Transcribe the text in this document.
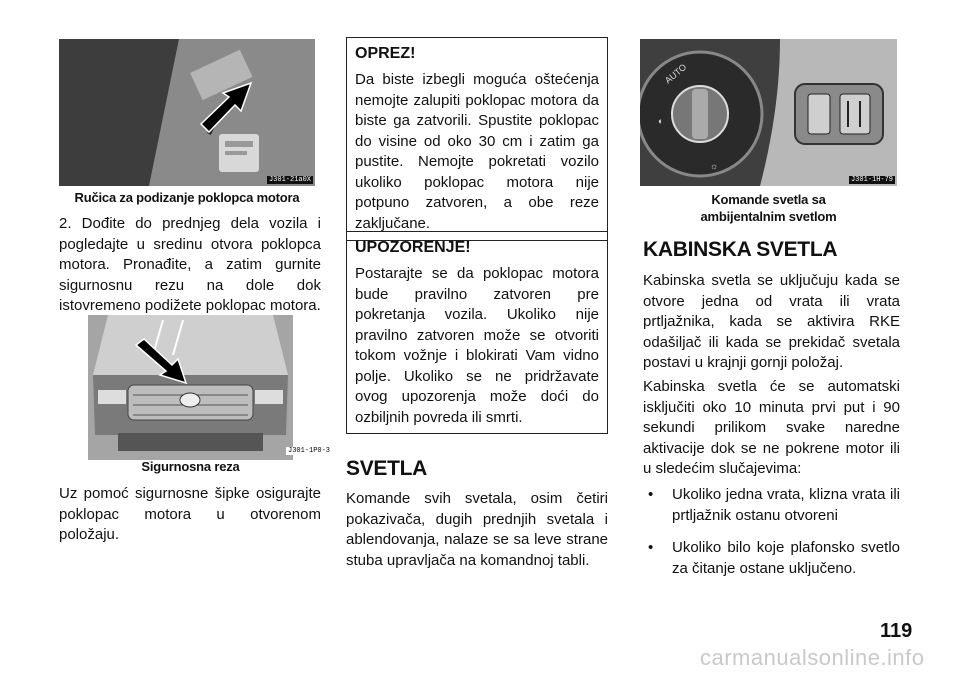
J301-21a0X
Ručica za podizanje poklopca motora

2. Dođite do prednjeg dela vozila i pogledajte u sredinu otvora poklopca motora. Pronađite, a zatim gurnite sigurnosnu rezu na dole dok istovremeno podižete poklopac motora.

J301-1P0-3
Sigurnosna reza

Uz pomoć sigurnosne šipke osigurajte poklopac motora u otvorenom položaju.

OPREZ!

Da biste izbegli moguća oštećenja nemojte zalupiti poklopac motora da biste ga zatvorili. Spustite poklopac do visine od oko 30 cm i zatim ga pustite. Nemojte pokretati vozilo ukoliko poklopac motora nije potpuno zatvoren, a obe reze zaključane.

UPOZORENJE!

Postarajte se da poklopac motora bude pravilno zatvoren pre pokretanja vozila. Ukoliko nije pravilno zatvoren može se otvoriti tokom vožnje i blokirati Vam vidno polje. Ukoliko se ne pridržavate ovog upozorenja može doći do ozbiljnih povreda ili smrti.

SVETLA

Komande svih svetala, osim četiri pokazivača, dugih prednjih svetala i ablendovanja, nalaze se sa leve strane stubа upravljača na komandnoj tabli.

AUTO
◐
☼
J301-1H-79
Komande svetla sa
ambijentalnim svetlom
KABINSKA SVETLA

Kabinska svetla se uključuju kada se otvore jedna od vrata ili vrata prtljažnika, kada se aktivira RKE odašiljač ili kada se prekidač svetala postavi u krajnji gornji položaj.

Kabinska svetla će se automatski isključiti oko 10 minuta prvi put i 90 sekundi prilikom svake naredne aktivacije dok se ne pokrene motor ili u sledećim slučajevima:

•	Ukoliko jedna vrata, klizna vrata ili prtljažnik ostanu otvoreni
•	Ukoliko bilo koje plafonsko svetlo za čitanje ostane uključeno.
119
carmanualsonline.info
